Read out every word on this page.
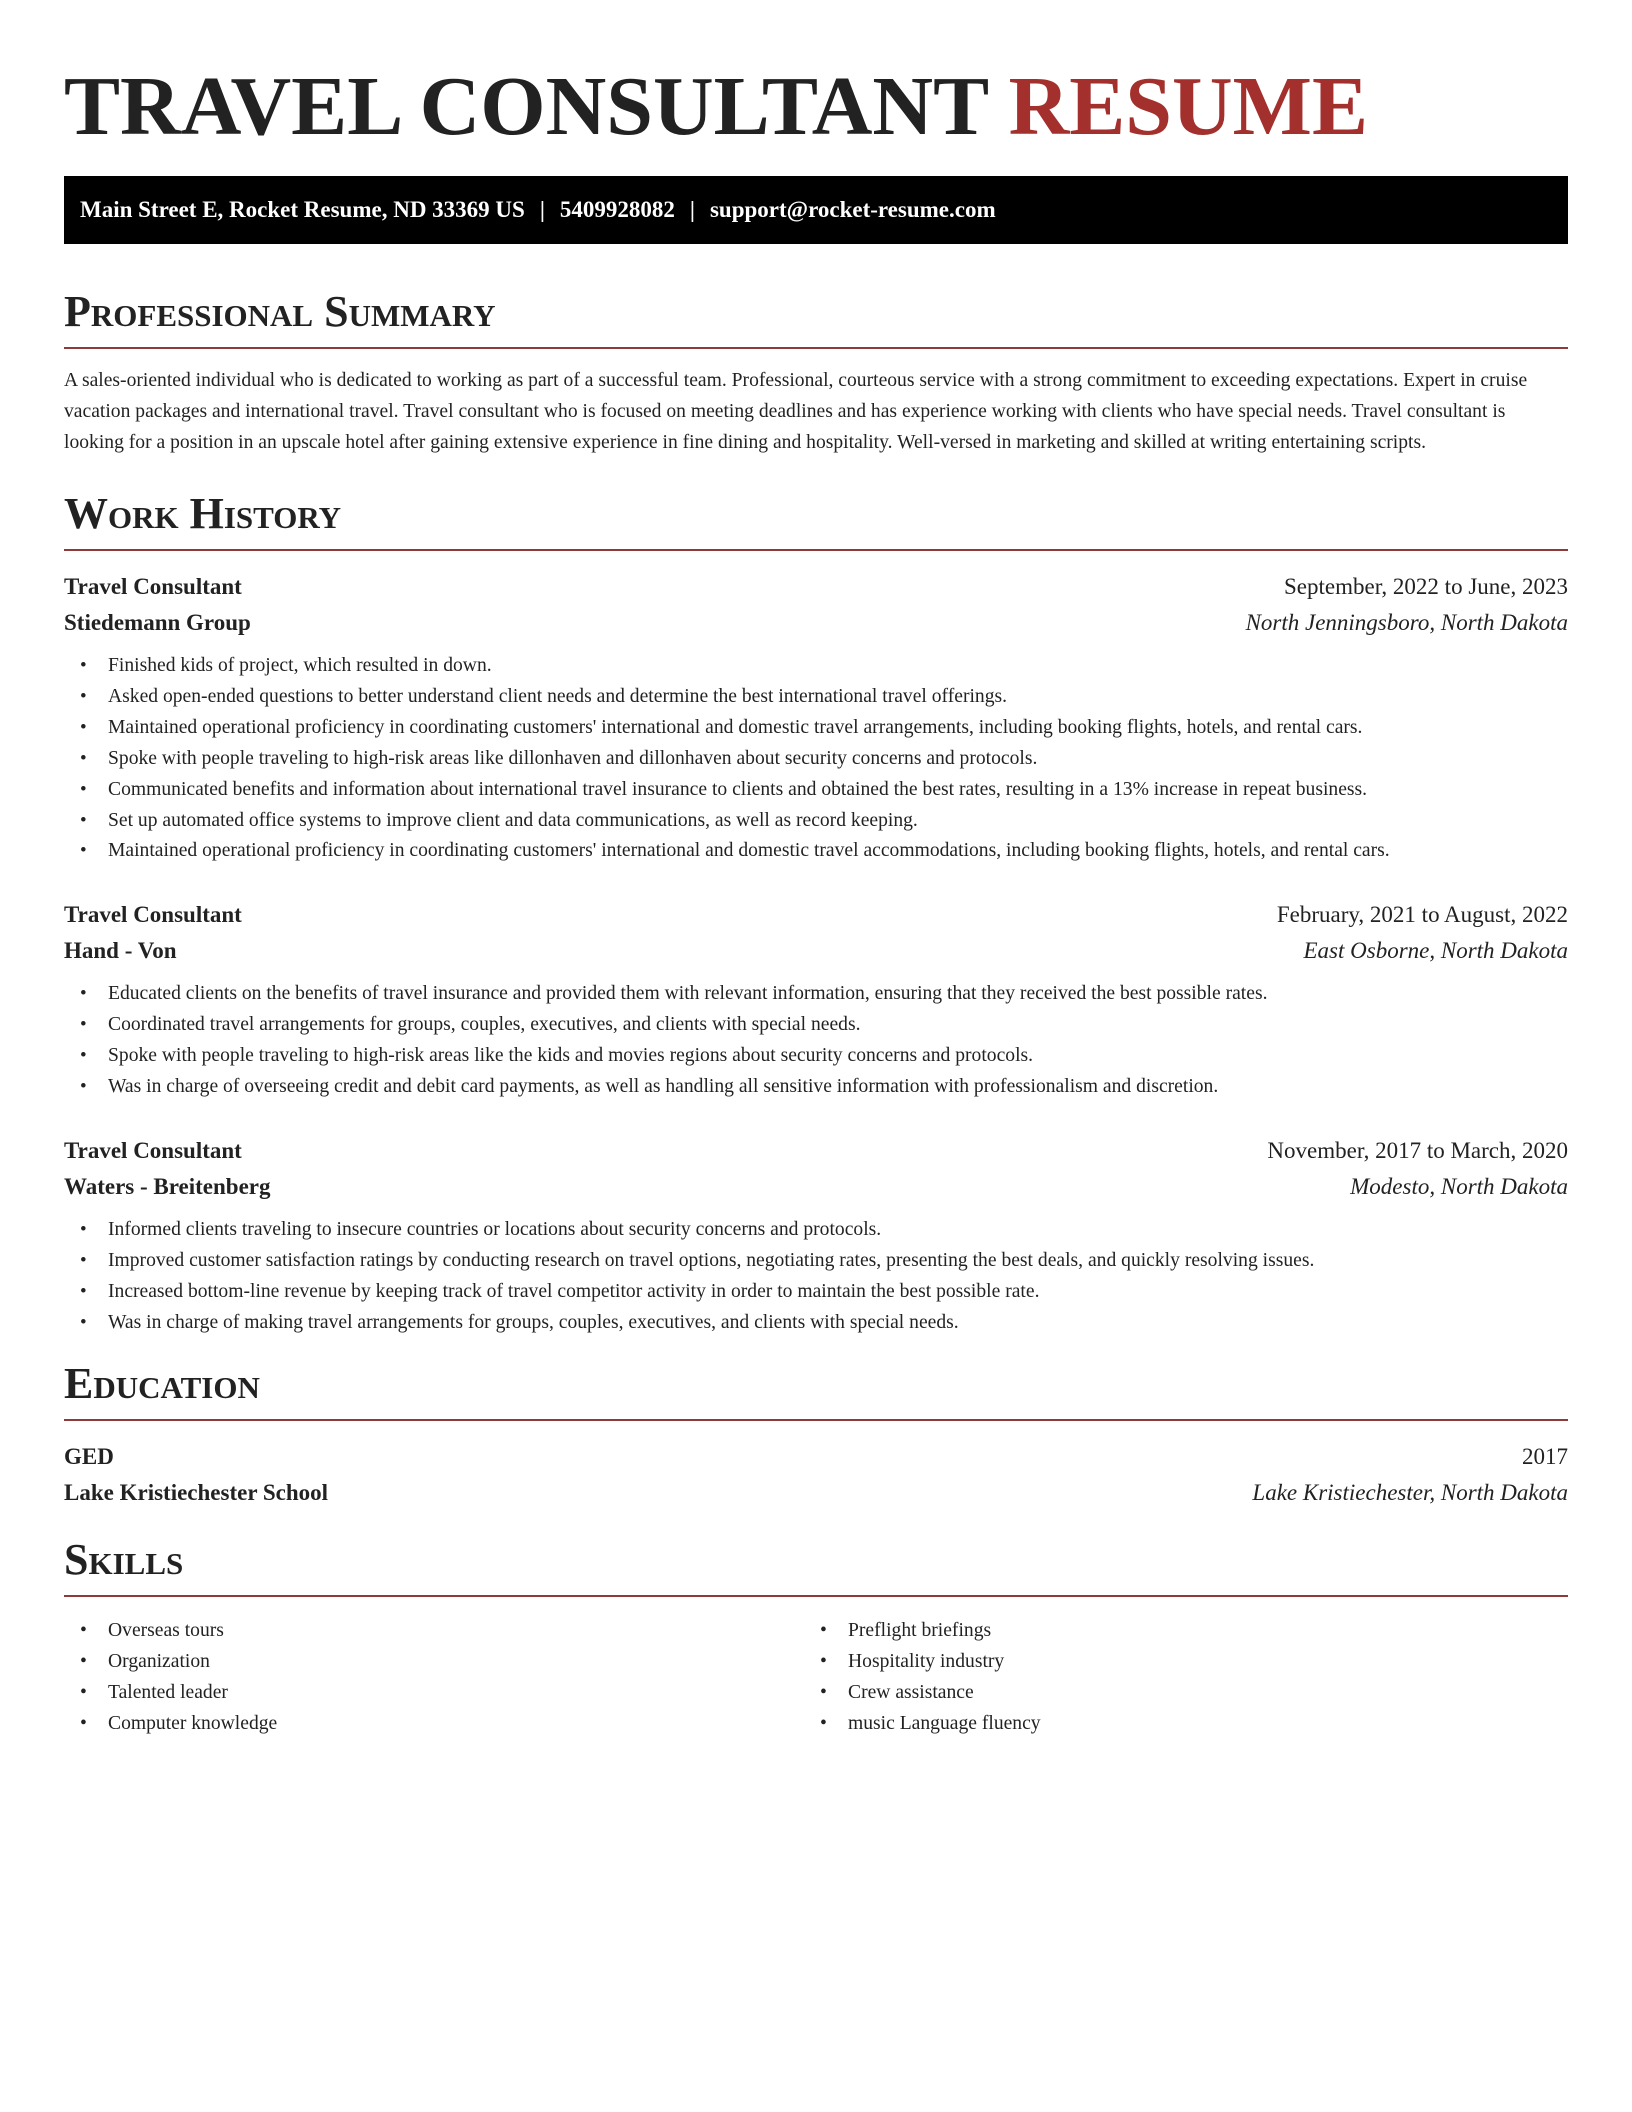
TRAVEL CONSULTANT RESUME
Main Street E, Rocket Resume, ND 33369 US | 5409928082 | support@rocket-resume.com
Professional Summary

A sales-oriented individual who is dedicated to working as part of a successful team. Professional, courteous service with a strong commitment to exceeding expectations. Expert in cruise vacation packages and international travel. Travel consultant who is focused on meeting deadlines and has experience working with clients who have special needs. Travel consultant is looking for a position in an upscale hotel after gaining extensive experience in fine dining and hospitality. Well-versed in marketing and skilled at writing entertaining scripts.

Work History
Travel Consultant	September, 2022 to June, 2023
Stiedemann Group	North Jenningsboro, North Dakota
• Finished kids of project, which resulted in down.
• Asked open-ended questions to better understand client needs and determine the best international travel offerings.
• Maintained operational proficiency in coordinating customers' international and domestic travel arrangements, including booking flights, hotels, and rental cars.
• Spoke with people traveling to high-risk areas like dillonhaven and dillonhaven about security concerns and protocols.
• Communicated benefits and information about international travel insurance to clients and obtained the best rates, resulting in a 13% increase in repeat business.
• Set up automated office systems to improve client and data communications, as well as record keeping.
• Maintained operational proficiency in coordinating customers' international and domestic travel accommodations, including booking flights, hotels, and rental cars.
Travel Consultant	February, 2021 to August, 2022
Hand - Von	East Osborne, North Dakota
• Educated clients on the benefits of travel insurance and provided them with relevant information, ensuring that they received the best possible rates.
• Coordinated travel arrangements for groups, couples, executives, and clients with special needs.
• Spoke with people traveling to high-risk areas like the kids and movies regions about security concerns and protocols.
• Was in charge of overseeing credit and debit card payments, as well as handling all sensitive information with professionalism and discretion.
Travel Consultant	November, 2017 to March, 2020
Waters - Breitenberg	Modesto, North Dakota
• Informed clients traveling to insecure countries or locations about security concerns and protocols.
• Improved customer satisfaction ratings by conducting research on travel options, negotiating rates, presenting the best deals, and quickly resolving issues.
• Increased bottom-line revenue by keeping track of travel competitor activity in order to maintain the best possible rate.
• Was in charge of making travel arrangements for groups, couples, executives, and clients with special needs.
Education
GED	2017
Lake Kristiechester School	Lake Kristiechester, North Dakota
Skills
• Overseas tours
• Organization
• Talented leader
• Computer knowledge
• Preflight briefings
• Hospitality industry
• Crew assistance
• music Language fluency
